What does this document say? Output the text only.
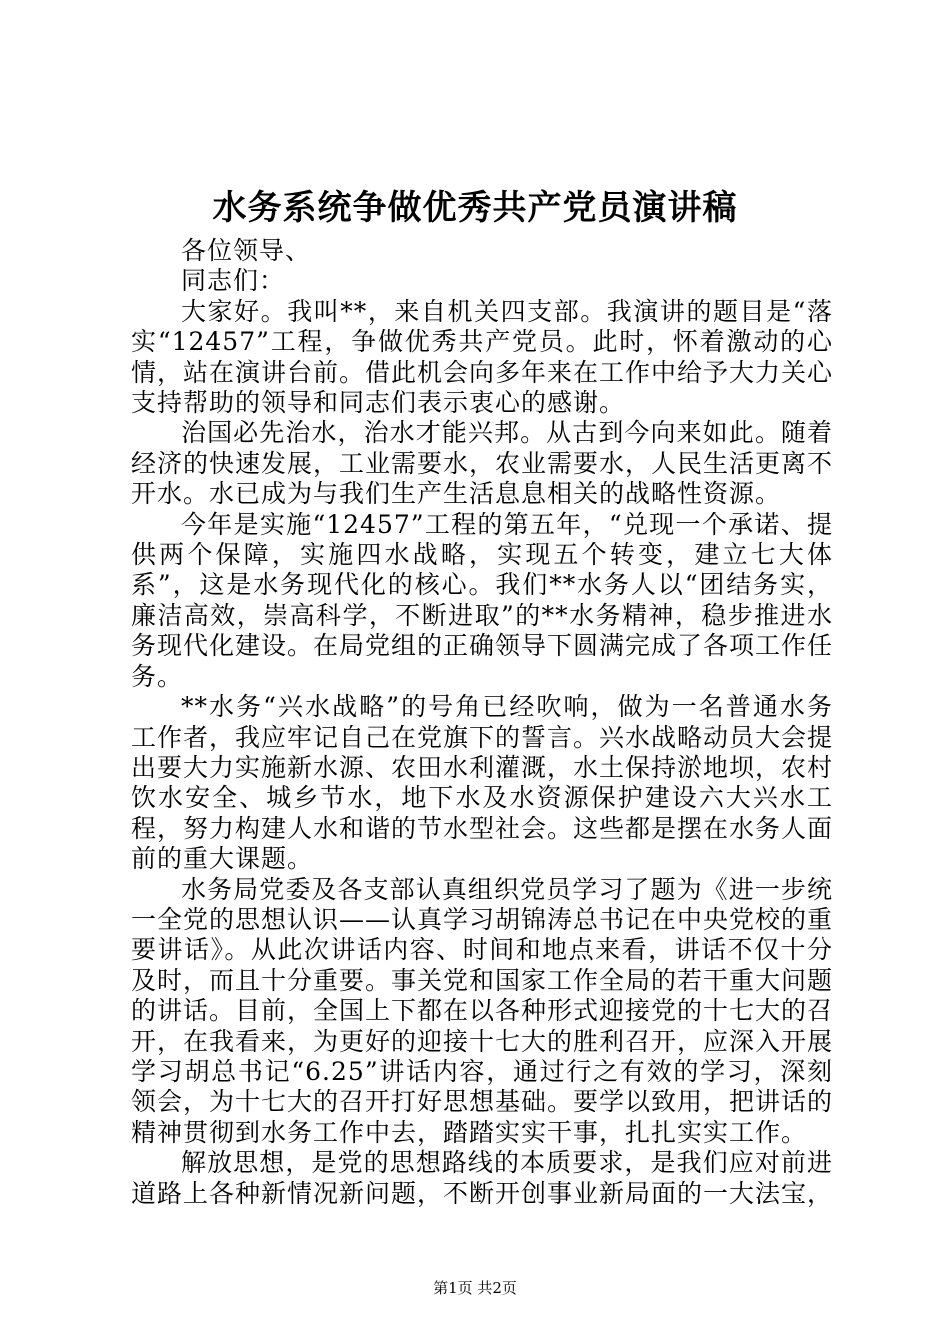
水务系统争做优秀共产党员演讲稿

各位领导、

同志们：

大家好。我叫**，来自机关四支部。我演讲的题目是“落实“12457”工程，争做优秀共产党员。此时，怀着激动的心情，站在演讲台前。借此机会向多年来在工作中给予大力关心支持帮助的领导和同志们表示衷心的感谢。

治国必先治水，治水才能兴邦。从古到今向来如此。随着经济的快速发展，工业需要水，农业需要水，人民生活更离不开水。水已成为与我们生产生活息息相关的战略性资源。

今年是实施“12457”工程的第五年，“兑现一个承诺、提供两个保障，实施四水战略，实现五个转变，建立七大体系”，这是水务现代化的核心。我们**水务人以“团结务实，廉洁高效，崇高科学，不断进取”的**水务精神，稳步推进水务现代化建设。在局党组的正确领导下圆满完成了各项工作任务。

**水务“兴水战略”的号角已经吹响，做为一名普通水务工作者，我应牢记自己在党旗下的誓言。兴水战略动员大会提出要大力实施新水源、农田水利灌溉，水土保持淤地坝，农村饮水安全、城乡节水，地下水及水资源保护建设六大兴水工程，努力构建人水和谐的节水型社会。这些都是摆在水务人面前的重大课题。

水务局党委及各支部认真组织党员学习了题为《进一步统一全党的思想认识——认真学习胡锦涛总书记在中央党校的重要讲话》。从此次讲话内容、时间和地点来看，讲话不仅十分及时，而且十分重要。事关党和国家工作全局的若干重大问题的讲话。目前，全国上下都在以各种形式迎接党的十七大的召开，在我看来，为更好的迎接十七大的胜利召开，应深入开展学习胡总书记“6.25”讲话内容，通过行之有效的学习，深刻领会，为十七大的召开打好思想基础。要学以致用，把讲话的精神贯彻到水务工作中去，踏踏实实干事，扎扎实实工作。

解放思想，是党的思想路线的本质要求，是我们应对前进道路上各种新情况新问题，不断开创事业新局面的一大法宝，

第1页 共2页
